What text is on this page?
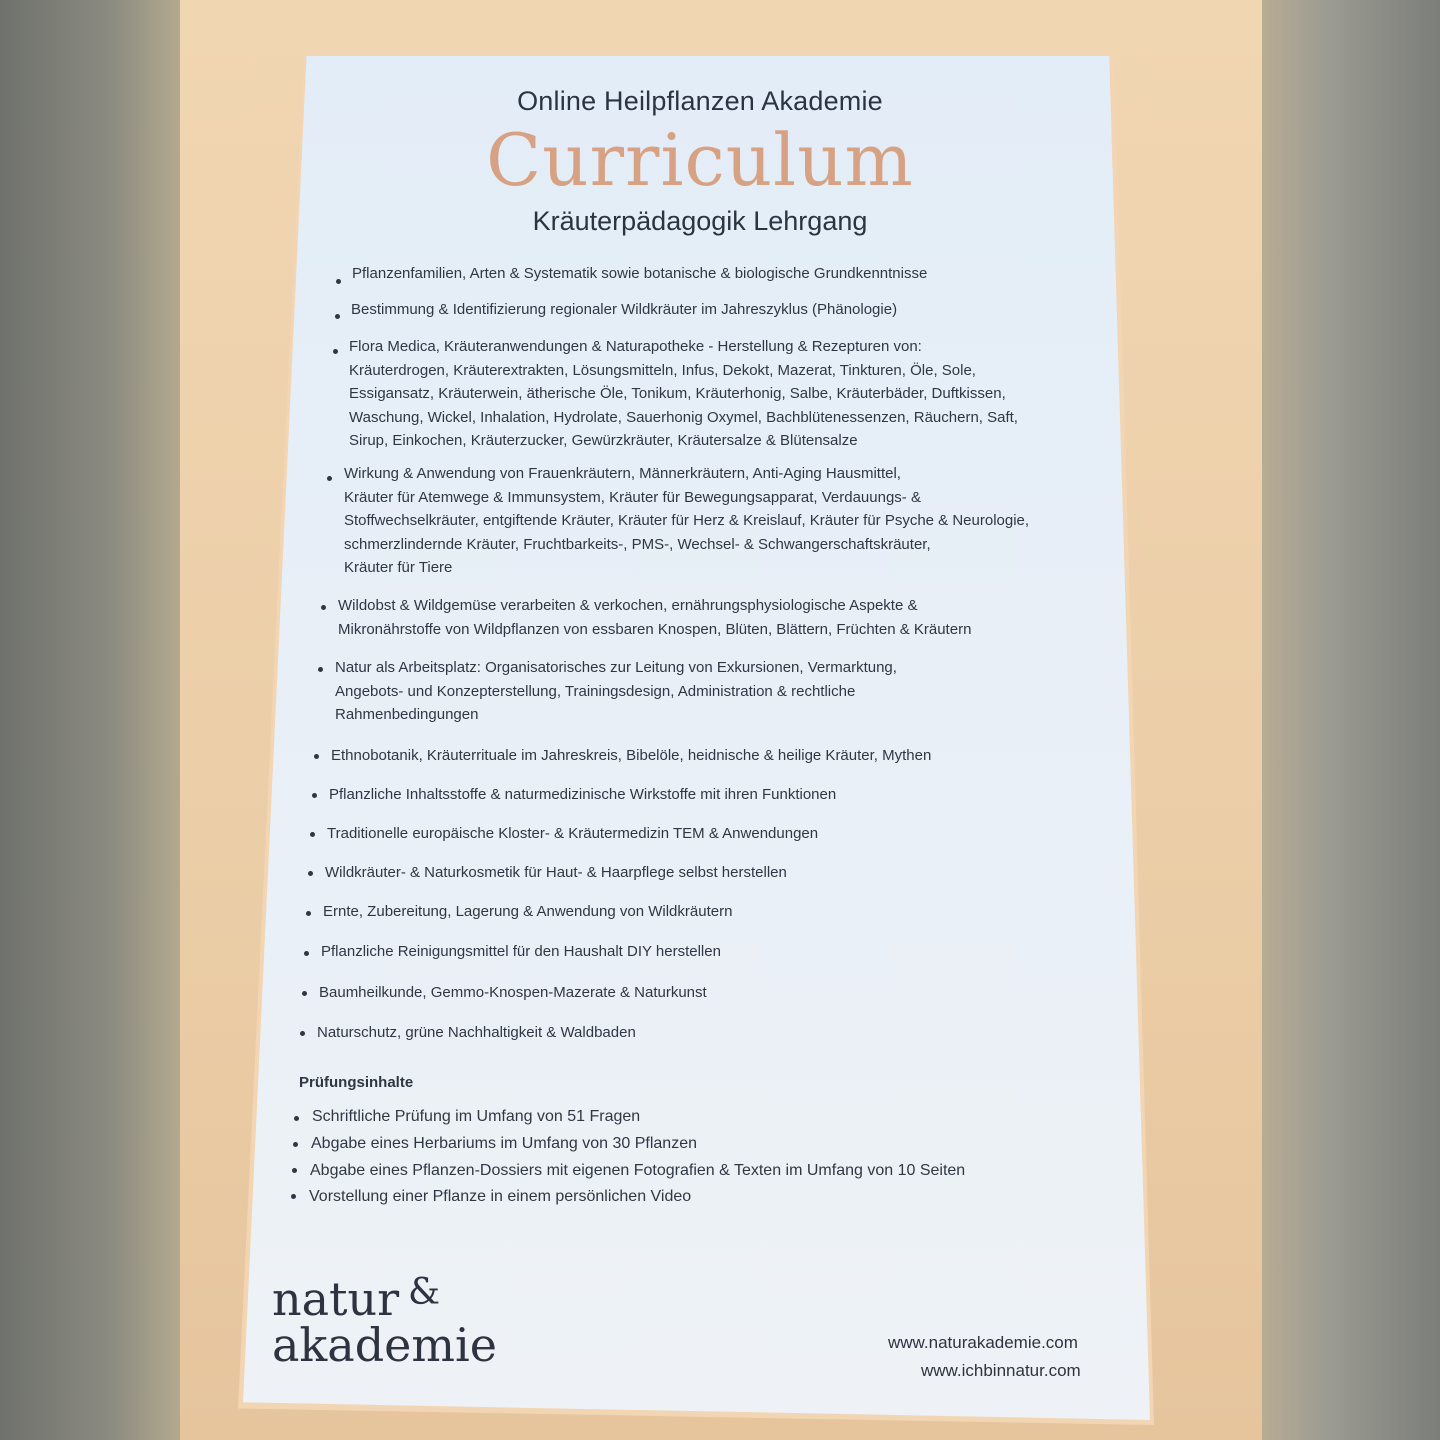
Online Heilpflanzen Akademie
Curriculum
Kräuterpädagogik Lehrgang
Pflanzenfamilien, Arten & Systematik sowie botanische & biologische Grundkenntnisse
Bestimmung & Identifizierung regionaler Wildkräuter im Jahreszyklus (Phänologie)
Flora Medica, Kräuteranwendungen & Naturapotheke - Herstellung & Rezepturen von:
Kräuterdrogen, Kräuterextrakten, Lösungsmitteln, Infus, Dekokt, Mazerat, Tinkturen, Öle, Sole,
Essigansatz, Kräuterwein, ätherische Öle, Tonikum, Kräuterhonig, Salbe, Kräuterbäder, Duftkissen,
Waschung, Wickel, Inhalation, Hydrolate, Sauerhonig Oxymel, Bachblütenessenzen, Räuchern, Saft,
Sirup, Einkochen, Kräuterzucker, Gewürzkräuter, Kräutersalze & Blütensalze
Wirkung & Anwendung von Frauenkräutern, Männerkräutern, Anti-Aging Hausmittel,
Kräuter für Atemwege & Immunsystem, Kräuter für Bewegungsapparat, Verdauungs- &
Stoffwechselkräuter, entgiftende Kräuter, Kräuter für Herz & Kreislauf, Kräuter für Psyche & Neurologie,
schmerzlindernde Kräuter, Fruchtbarkeits-, PMS-, Wechsel- & Schwangerschaftskräuter,
Kräuter für Tiere
Wildobst & Wildgemüse verarbeiten & verkochen, ernährungsphysiologische Aspekte &
Mikronährstoffe von Wildpflanzen von essbaren Knospen, Blüten, Blättern, Früchten & Kräutern
Natur als Arbeitsplatz: Organisatorisches zur Leitung von Exkursionen, Vermarktung,
Angebots- und Konzepterstellung, Trainingsdesign, Administration & rechtliche
Rahmenbedingungen
Ethnobotanik, Kräuterrituale im Jahreskreis, Bibelöle, heidnische & heilige Kräuter, Mythen
Pflanzliche Inhaltsstoffe & naturmedizinische Wirkstoffe mit ihren Funktionen
Traditionelle europäische Kloster- & Kräutermedizin TEM & Anwendungen
Wildkräuter- & Naturkosmetik für Haut- & Haarpflege selbst herstellen
Ernte, Zubereitung, Lagerung & Anwendung von Wildkräutern
Pflanzliche Reinigungsmittel für den Haushalt DIY herstellen
Baumheilkunde, Gemmo-Knospen-Mazerate & Naturkunst
Naturschutz, grüne Nachhaltigkeit & Waldbaden
Prüfungsinhalte
Schriftliche Prüfung im Umfang von 51 Fragen
Abgabe eines Herbariums im Umfang von 30 Pflanzen
Abgabe eines Pflanzen-Dossiers mit eigenen Fotografien & Texten im Umfang von 10 Seiten
Vorstellung einer Pflanze in einem persönlichen Video
natur &
akademie	www.naturakademie.com
www.ichbinnatur.com
